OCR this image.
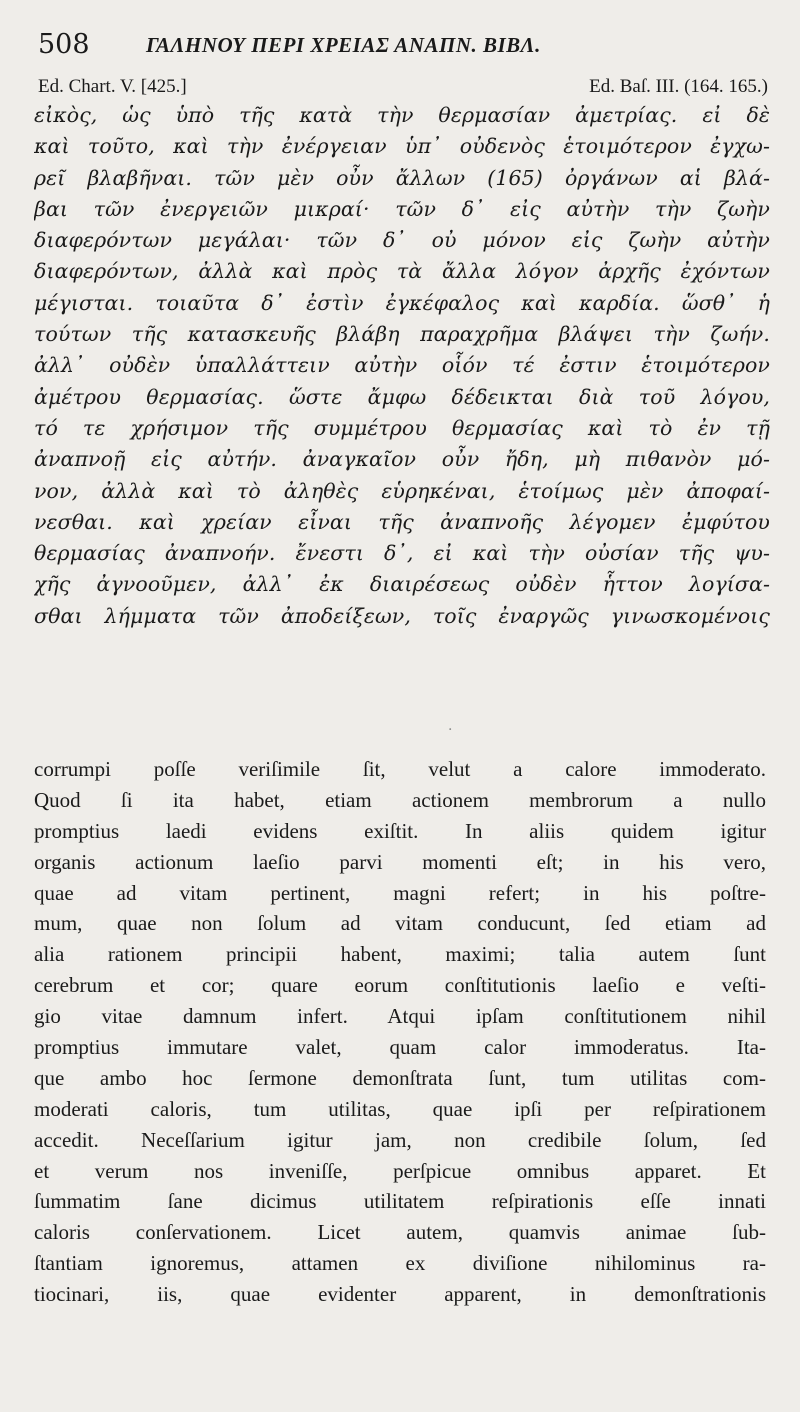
508	ΓΑΛΗΝΟΥ ΠΕΡΙ ΧΡΕΙΑΣ ΑΝΑΠΝ. ΒΙΒΛ.
Ed. Chart. V. [425.]	Ed. Baſ. III. (164. 165.)
εἰκὸς, ὡς ὑπὸ τῆς κατὰ τὴν θερμασίαν ἀμετρίας. εἰ δὲ
καὶ τοῦτο, καὶ τὴν ἐνέργειαν ὑπ᾽ οὐδενὸς ἑτοιμότερον ἐγχω-
ρεῖ βλαβῆναι. τῶν μὲν οὖν ἄλλων (165) ὀργάνων αἱ βλά-
βαι τῶν ἐνεργειῶν μικραί· τῶν δ᾽ εἰς αὐτὴν τὴν ζωὴν
διαφερόντων μεγάλαι· τῶν δ᾽ οὐ μόνον εἰς ζωὴν αὐτὴν
διαφερόντων, ἀλλὰ καὶ πρὸς τὰ ἄλλα λόγον ἀρχῆς ἐχόντων
μέγισται. τοιαῦτα δ᾽ ἐστὶν ἐγκέφαλος καὶ καρδία. ὥσθ᾽ ἡ
τούτων τῆς κατασκευῆς βλάβη παραχρῆμα βλάψει τὴν ζωήν.
ἀλλ᾽ οὐδὲν ὑπαλλάττειν αὐτὴν οἷόν τέ ἐστιν ἑτοιμότερον
ἀμέτρου θερμασίας. ὥστε ἄμφω δέδεικται διὰ τοῦ λόγου,
τό τε χρήσιμον τῆς συμμέτρου θερμασίας καὶ τὸ ἐν τῇ
ἀναπνοῇ εἰς αὐτήν. ἀναγκαῖον οὖν ἤδη, μὴ πιθανὸν μό-
νον, ἀλλὰ καὶ τὸ ἀληθὲς εὑρηκέναι, ἑτοίμως μὲν ἀποφαί-
νεσθαι. καὶ χρείαν εἶναι τῆς ἀναπνοῆς λέγομεν ἐμφύτου
θερμασίας ἀναπνοήν. ἔνεστι δ᾽, εἰ καὶ τὴν οὐσίαν τῆς ψυ-
χῆς ἀγνοοῦμεν, ἀλλ᾽ ἐκ διαιρέσεως οὐδὲν ἧττον λογίσα-
σθαι λήμματα τῶν ἀποδείξεων, τοῖς ἐναργῶς γινωσκομένοις
·
corrumpi poſſe veriſimile ſit, velut a calore immoderato.
Quod ſi ita habet, etiam actionem membrorum a nullo
promptius laedi evidens exiſtit. In aliis quidem igitur
organis actionum laeſio parvi momenti eſt; in his vero,
quae ad vitam pertinent, magni refert; in his poſtre-
mum, quae non ſolum ad vitam conducunt, ſed etiam ad
alia rationem principii habent, maximi; talia autem ſunt
cerebrum et cor; quare eorum conſtitutionis laeſio e veſti-
gio vitae damnum infert. Atqui ipſam conſtitutionem nihil
promptius immutare valet, quam calor immoderatus. Ita-
que ambo hoc ſermone demonſtrata ſunt, tum utilitas com-
moderati caloris, tum utilitas, quae ipſi per reſpirationem
accedit. Neceſſarium igitur jam, non credibile ſolum, ſed
et verum nos inveniſſe, perſpicue omnibus apparet. Et
ſummatim ſane dicimus utilitatem reſpirationis eſſe innati
caloris conſervationem. Licet autem, quamvis animae ſub-
ſtantiam ignoremus, attamen ex diviſione nihilominus ra-
tiocinari, iis, quae evidenter apparent, in demonſtrationis
